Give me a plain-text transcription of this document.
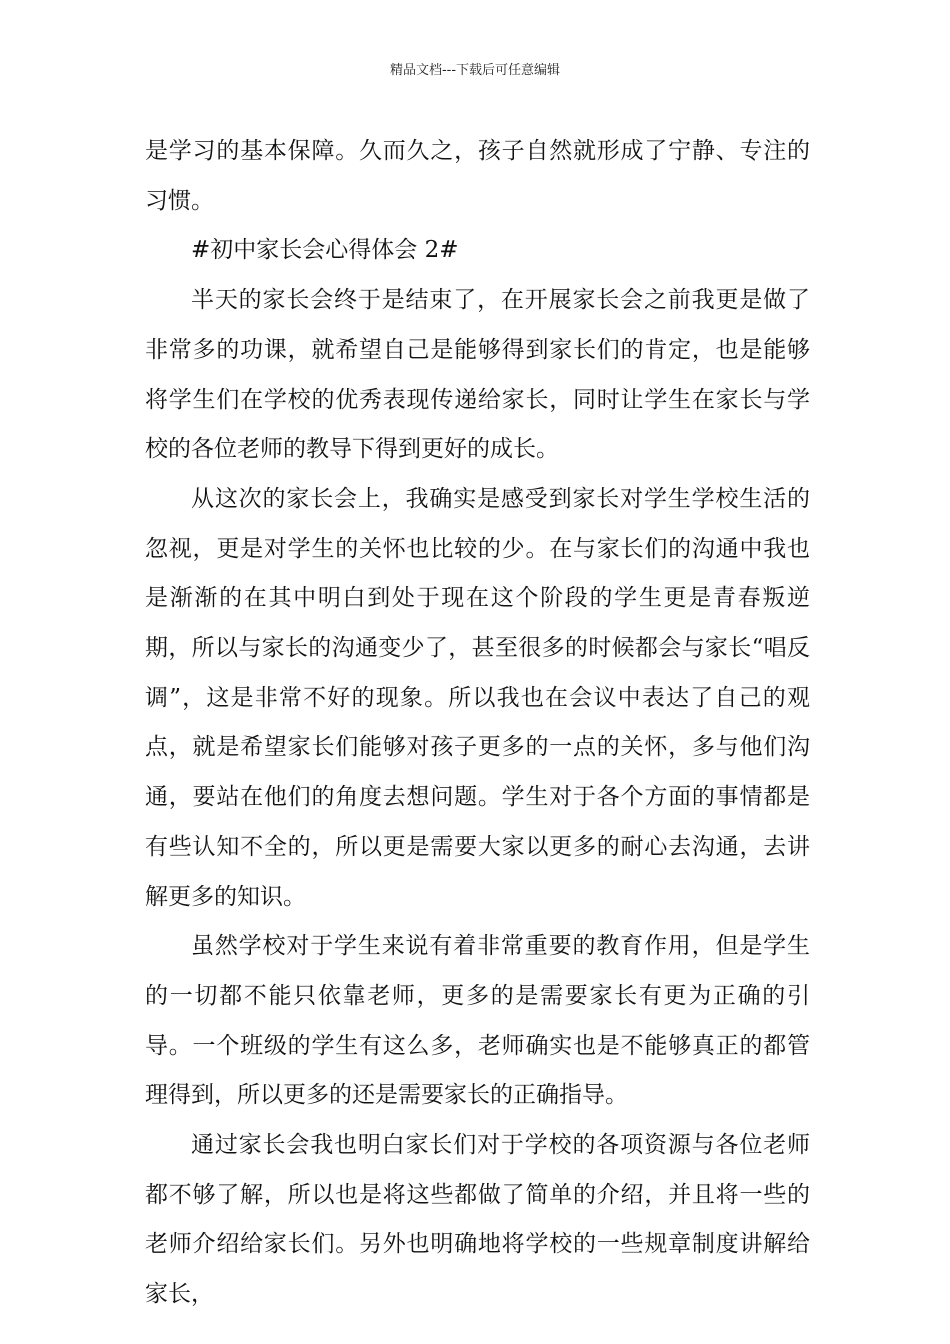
精品文档---下载后可任意编辑

是学习的基本保障。久而久之，孩子自然就形成了宁静、专注的习惯。

#初中家长会心得体会 2#

半天的家长会终于是结束了，在开展家长会之前我更是做了非常多的功课，就希望自己是能够得到家长们的肯定，也是能够将学生们在学校的优秀表现传递给家长，同时让学生在家长与学校的各位老师的教导下得到更好的成长。

从这次的家长会上，我确实是感受到家长对学生学校生活的忽视，更是对学生的关怀也比较的少。在与家长们的沟通中我也是渐渐的在其中明白到处于现在这个阶段的学生更是青春叛逆期，所以与家长的沟通变少了，甚至很多的时候都会与家长“唱反调”，这是非常不好的现象。所以我也在会议中表达了自己的观点，就是希望家长们能够对孩子更多的一点的关怀，多与他们沟通，要站在他们的角度去想问题。学生对于各个方面的事情都是有些认知不全的，所以更是需要大家以更多的耐心去沟通，去讲解更多的知识。

虽然学校对于学生来说有着非常重要的教育作用，但是学生的一切都不能只依靠老师，更多的是需要家长有更为正确的引导。一个班级的学生有这么多，老师确实也是不能够真正的都管理得到，所以更多的还是需要家长的正确指导。

通过家长会我也明白家长们对于学校的各项资源与各位老师都不够了解，所以也是将这些都做了简单的介绍，并且将一些的老师介绍给家长们。另外也明确地将学校的一些规章制度讲解给家长，
